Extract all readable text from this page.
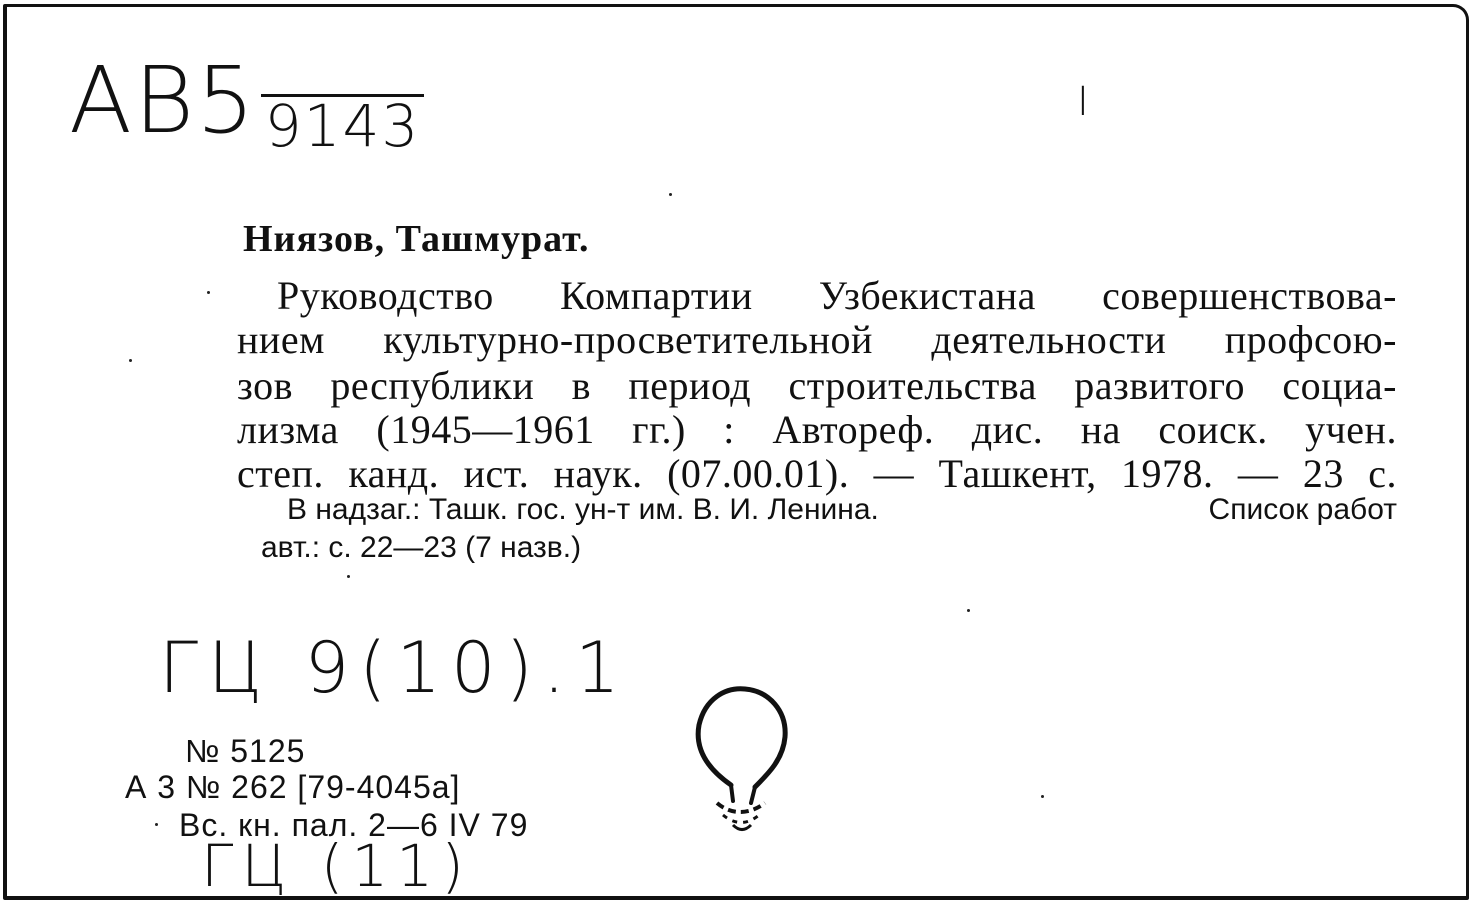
АВ5 9143	I
Ниязов, Ташмурат.
Руководство Компартии Узбекистана совершенствова-
нием культурно-просветительной деятельности профсою-
зов республики в период строительства развитого социа-
лизма (1945—1961 гг.) : Автореф. дис. на соиск. учен.
степ. канд. ист. наук. (07.00.01). — Ташкент, 1978. — 23 с.
В надзаг.: Ташк. гос. ун-т им. В. И. Ленина.	Список работ
авт.: с. 22—23 (7 назв.)
ГЦ 9(10).1
№ 5125
А 3 № 262 [79-4045а]
Вс. кн. пал. 2—6 IV 79
ГЦ (11)
